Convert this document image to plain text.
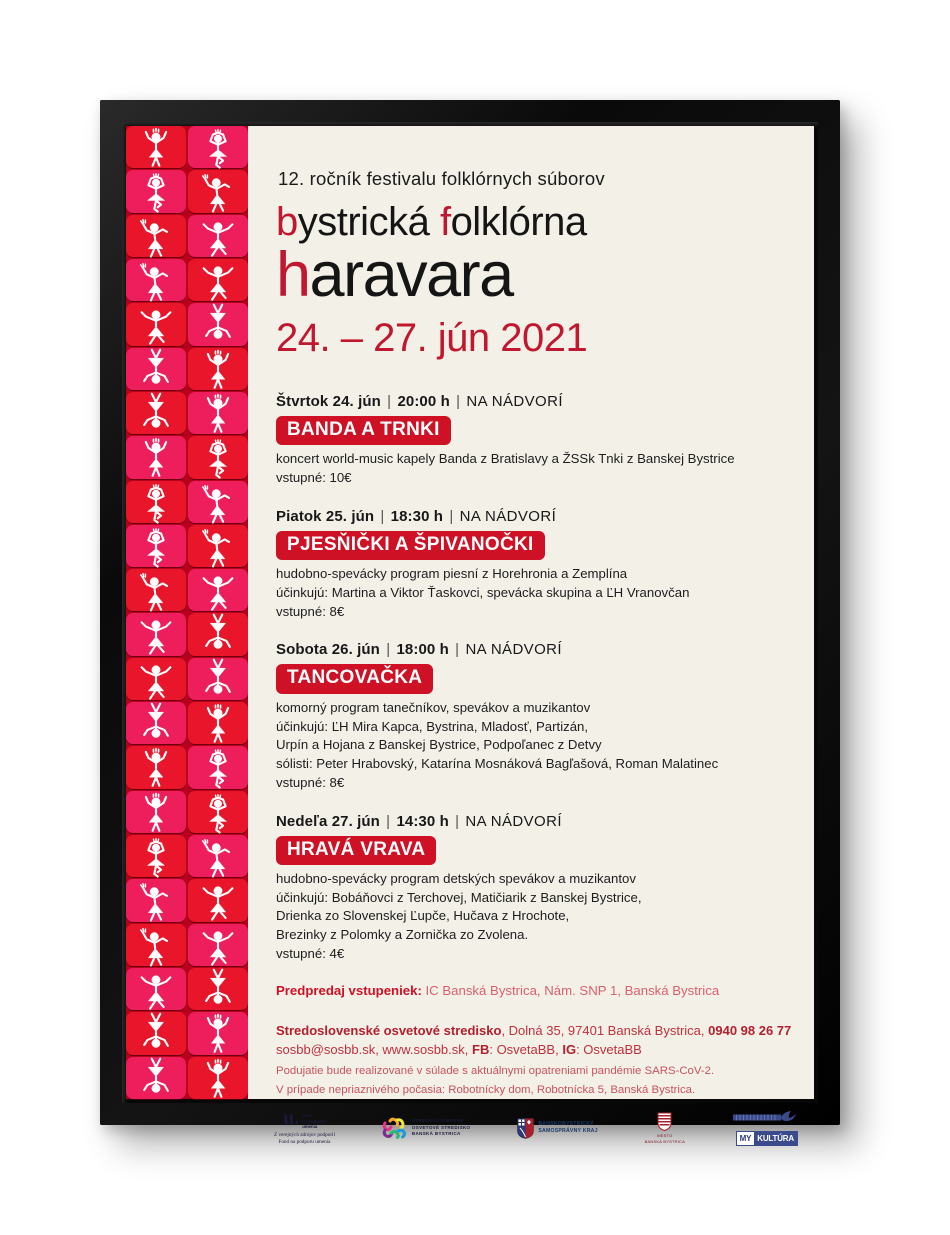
12. ročník festivalu folklórnych súborov
bystrická folklórna
haravara
24. – 27. jún 2021
Štvrtok 24. jún | 20:00 h | NA NÁDVORÍ
BANDA A TRNKI
koncert world-music kapely Banda z Bratislavy a ŽSSk Tnki z Banskej Bystrice
vstupné: 10€
Piatok 25. jún | 18:30 h | NA NÁDVORÍ
PJESŇIČKI A ŠPIVANOČKI
hudobno-spevácky program piesní z Horehronia a Zemplína
účinkujú: Martina a Viktor Ťaskovci, spevácka skupina a ĽH Vranovčan
vstupné: 8€
Sobota 26. jún | 18:00 h | NA NÁDVORÍ
TANCOVAČKA
komorný program tanečníkov, spevákov a muzikantov
účinkujú: ĽH Mira Kapca, Bystrina, Mladosť, Partizán,
Urpín a Hojana z Banskej Bystrice, Podpoľanec z Detvy
sólisti: Peter Hrabovský, Katarína Mosnáková Bagľašová, Roman Malatinec
vstupné: 8€
Nedeľa 27. jún | 14:30 h | NA NÁDVORÍ
HRAVÁ VRAVA
hudobno-spevácky program detských spevákov a muzikantov
účinkujú: Bobáňovci z Terchovej, Matičiarik z Banskej Bystrice,
Drienka zo Slovenskej Ľupče, Hučava z Hrochote,
Brezinky z Polomky a Zornička zo Zvolena.
vstupné: 4€
Predpredaj vstupeniek: IC Banská Bystrica, Nám. SNP 1, Banská Bystrica
Stredoslovenské osvetové stredisko, Dolná 35, 97401 Banská Bystrica, 0940 98 26 77
sosbb@sosbb.sk, www.sosbb.sk, FB: OsvetaBB, IG: OsvetaBB
Podujatie bude realizované v súlade s aktuálnymi opatreniami pandémie SARS-CoV-2.
V prípade nepriaznivého počasia: Robotnícky dom, Robotnícka 5, Banská Bystrica.
u. fond
na podporu
umenia
Z verejných zdrojov podporil
Fond na podporu umenia
STREDOSLOVENSKÉ
OSVETOVÉ STREDISKO
BANSKÁ BYSTRICA
BANSKOBYSTRICKÝ
SAMOSPRÁVNY KRAJ
MESTO
BANSKÁ BYSTRICA	MY KULTÚRA
